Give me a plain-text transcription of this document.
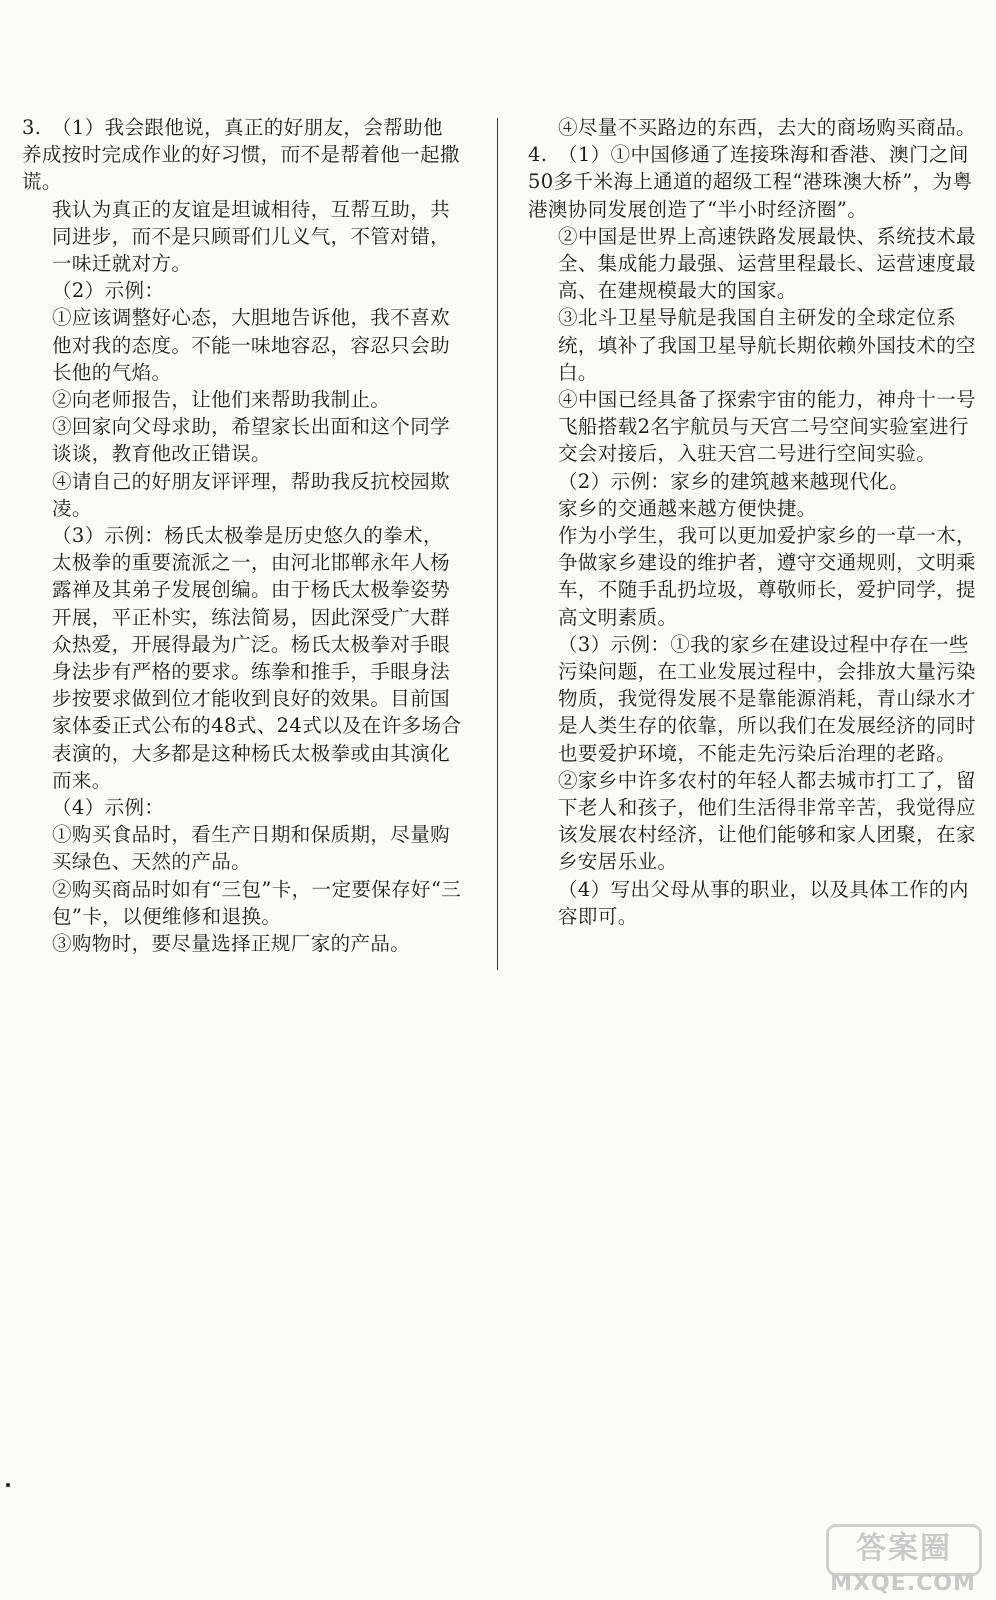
3. （1）我会跟他说，真正的好朋友，会帮助他养成按时完成作业的好习惯，而不是帮着他一起撒谎。

我认为真正的友谊是坦诚相待，互帮互助，共同进步，而不是只顾哥们儿义气，不管对错，一味迁就对方。

（2）示例：

①应该调整好心态，大胆地告诉他，我不喜欢他对我的态度。不能一味地容忍，容忍只会助长他的气焰。

②向老师报告，让他们来帮助我制止。

③回家向父母求助，希望家长出面和这个同学谈谈，教育他改正错误。

④请自己的好朋友评评理，帮助我反抗校园欺凌。

（3）示例：杨氏太极拳是历史悠久的拳术，太极拳的重要流派之一，由河北邯郸永年人杨露禅及其弟子发展创编。由于杨氏太极拳姿势开展，平正朴实，练法简易，因此深受广大群众热爱，开展得最为广泛。杨氏太极拳对手眼身法步有严格的要求。练拳和推手，手眼身法步按要求做到位才能收到良好的效果。目前国家体委正式公布的48式、24式以及在许多场合表演的，大多都是这种杨氏太极拳或由其演化而来。

（4）示例：

①购买食品时，看生产日期和保质期，尽量购买绿色、天然的产品。

②购买商品时如有“三包”卡，一定要保存好“三包”卡，以便维修和退换。

③购物时，要尽量选择正规厂家的产品。

④尽量不买路边的东西，去大的商场购买商品。

4. （1）①中国修通了连接珠海和香港、澳门之间50多千米海上通道的超级工程“港珠澳大桥”，为粤港澳协同发展创造了“半小时经济圈”。

②中国是世界上高速铁路发展最快、系统技术最全、集成能力最强、运营里程最长、运营速度最高、在建规模最大的国家。

③北斗卫星导航是我国自主研发的全球定位系统，填补了我国卫星导航长期依赖外国技术的空白。

④中国已经具备了探索宇宙的能力，神舟十一号飞船搭载2名宇航员与天宫二号空间实验室进行交会对接后，入驻天宫二号进行空间实验。

（2）示例：家乡的建筑越来越现代化。

家乡的交通越来越方便快捷。

作为小学生，我可以更加爱护家乡的一草一木，争做家乡建设的维护者，遵守交通规则，文明乘车，不随手乱扔垃圾，尊敬师长，爱护同学，提高文明素质。

（3）示例：①我的家乡在建设过程中存在一些污染问题，在工业发展过程中，会排放大量污染物质，我觉得发展不是靠能源消耗，青山绿水才是人类生存的依靠，所以我们在发展经济的同时也要爱护环境，不能走先污染后治理的老路。

②家乡中许多农村的年轻人都去城市打工了，留下老人和孩子，他们生活得非常辛苦，我觉得应该发展农村经济，让他们能够和家人团聚，在家乡安居乐业。

（4）写出父母从事的职业，以及具体工作的内容即可。

答案圈
MXQE.COM
